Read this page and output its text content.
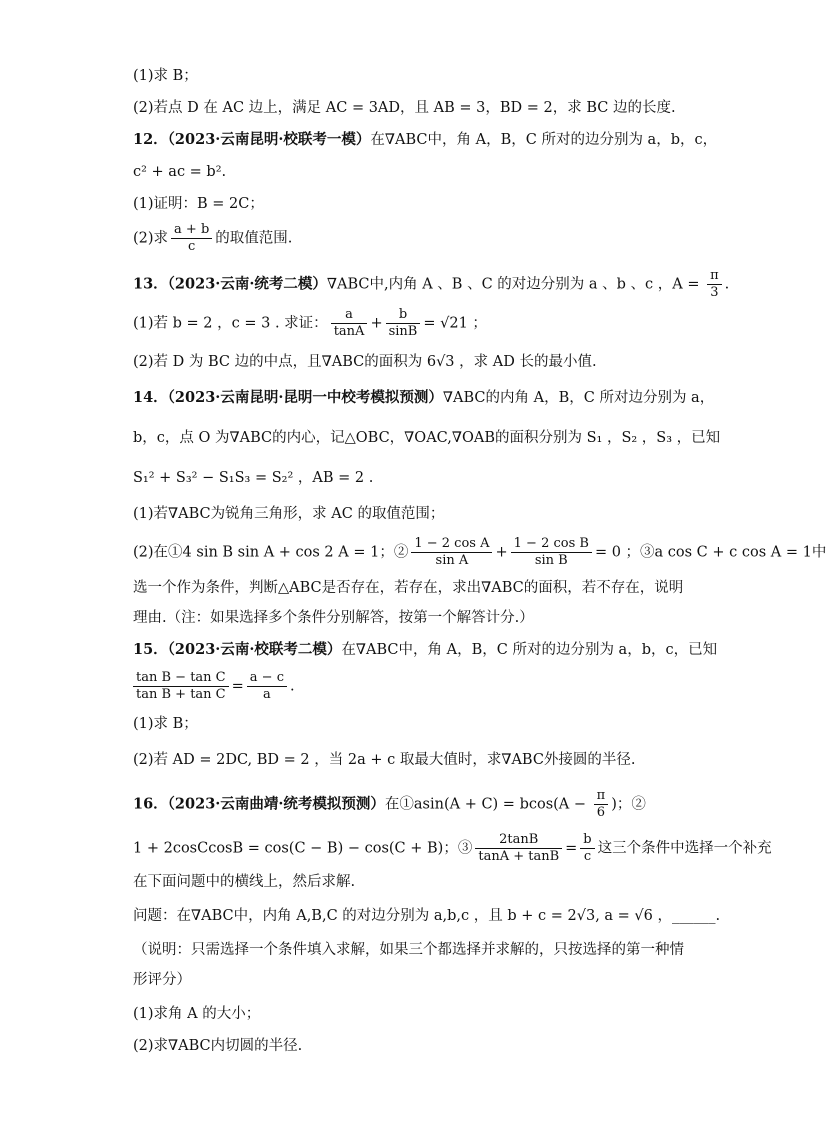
(1)求 B；
(2)若点 D 在 AC 边上，满足 AC = 3AD，且 AB = 3，BD = 2，求 BC 边的长度.
12．（2023·云南昆明·校联考一模）在∇ABC中，角 A，B，C 所对的边分别为 a，b，c，
c² + ac = b².
(1)证明：B = 2C；
(2)求 $\frac{a + b}{c}$ 的取值范围.
13．（2023·云南·统考二模）∇ABC中,内角 A 、B 、C 的对边分别为 a 、b 、c ，$A = \frac{\pi}{3}$ .
(1)若 b = 2 ，c = 3 . 求证： $\frac{a}{\tan A} + \frac{b}{\sin B} = √21$ ；
(2)若 D 为 BC 边的中点，且∇ABC的面积为 6√3 ，求 AD 长的最小值.
14．（2023·云南昆明·昆明一中校考模拟预测）∇ABC的内角 A，B，C 所对边分别为 a，
b，c，点 O 为∇ABC的内心，记△OBC，∇OAC,∇OAB的面积分别为 S₁ ，S₂ ，S₃ ，已知
S₁² + S₃² − S₁S₃ = S₂² ，AB = 2 .
(1)若∇ABC为锐角三角形，求 AC 的取值范围；
(2)在①4 sin B sin A + cos 2 A = 1；② $\frac{\text{1 − 2 cos A}}{\text{sin A}} + \frac{\text{1 − 2 cos B}}{\text{sin B}} = 0$ ；③a cos C + c cos A = 1中
选一个作为条件，判断△ABC是否存在，若存在，求出∇ABC的面积，若不存在，说明
理由.（注：如果选择多个条件分别解答，按第一个解答计分.）
15．（2023·云南·校联考二模）在∇ABC中，角 A，B，C 所对的边分别为 a，b，c，已知
$\frac{\text{tan B − tan C}}{\text{tan B + tan C}} = \frac{a - c}{a}$ .
(1)求 B；
(2)若 AD = 2DC, BD = 2 ，当 2a + c 取最大值时，求∇ABC外接圆的半径.
16．（2023·云南曲靖·统考模拟预测）在①asin(A + $C) = bcos(A - \frac{\pi}{6}$ )；②
1 + 2cosCcosB = cos(C − B) − cos(C + B)；③ $\frac{2\tan B}{\tan A + \tan B} = \frac{b}{c}$ 这三个条件中选择一个补充
在下面问题中的横线上，然后求解.
问题：在∇ABC中，内角 A,B,C 的对边分别为 a,b,c ，且 b + c = 2√3, a = √6 ，______.
（说明：只需选择一个条件填入求解，如果三个都选择并求解的，只按选择的第一种情
形评分）
(1)求角 A 的大小；
(2)求∇ABC内切圆的半径.
